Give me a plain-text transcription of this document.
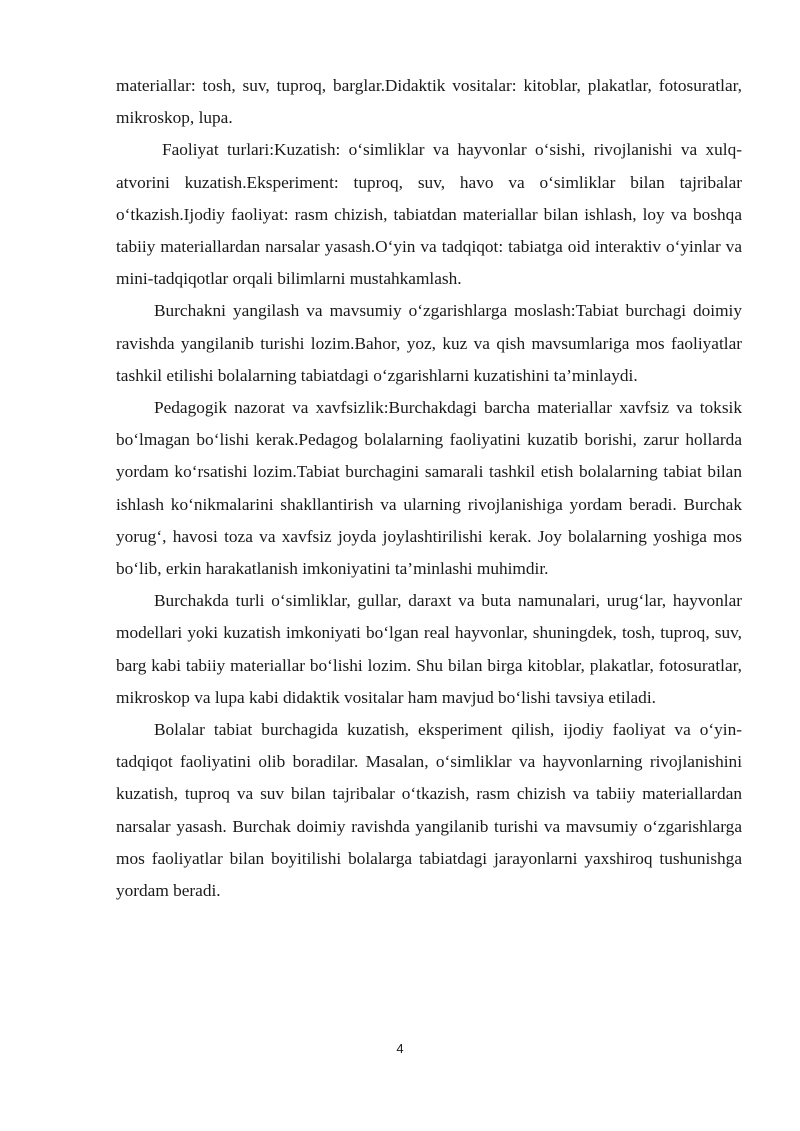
materiallar: tosh, suv, tuproq, barglar.Didaktik vositalar: kitoblar, plakatlar, fotosuratlar, mikroskop, lupa.

Faoliyat turlari:Kuzatish: o‘simliklar va hayvonlar o‘sishi, rivojlanishi va xulq-atvorini kuzatish.Eksperiment: tuproq, suv, havo va o‘simliklar bilan tajribalar o‘tkazish.Ijodiy faoliyat: rasm chizish, tabiatdan materiallar bilan ishlash, loy va boshqa tabiiy materiallardan narsalar yasash.O‘yin va tadqiqot: tabiatga oid interaktiv o‘yinlar va mini-tadqiqotlar orqali bilimlarni mustahkamlash.

Burchakni yangilash va mavsumiy o‘zgarishlarga moslash:Tabiat burchagi doimiy ravishda yangilanib turishi lozim.Bahor, yoz, kuz va qish mavsumlariga mos faoliyatlar tashkil etilishi bolalarning tabiatdagi o‘zgarishlarni kuzatishini ta’minlaydi.

Pedagogik nazorat va xavfsizlik:Burchakdagi barcha materiallar xavfsiz va toksik bo‘lmagan bo‘lishi kerak.Pedagog bolalarning faoliyatini kuzatib borishi, zarur hollarda yordam ko‘rsatishi lozim.Tabiat burchagini samarali tashkil etish bolalarning tabiat bilan ishlash ko‘nikmalarini shakllantirish va ularning rivojlanishiga yordam beradi. Burchak yorug‘, havosi toza va xavfsiz joyda joylashtirilishi kerak. Joy bolalarning yoshiga mos bo‘lib, erkin harakatlanish imkoniyatini ta’minlashi muhimdir.

Burchakda turli o‘simliklar, gullar, daraxt va buta namunalari, urug‘lar, hayvonlar modellari yoki kuzatish imkoniyati bo‘lgan real hayvonlar, shuningdek, tosh, tuproq, suv, barg kabi tabiiy materiallar bo‘lishi lozim. Shu bilan birga kitoblar, plakatlar, fotosuratlar, mikroskop va lupa kabi didaktik vositalar ham mavjud bo‘lishi tavsiya etiladi.

Bolalar tabiat burchagida kuzatish, eksperiment qilish, ijodiy faoliyat va o‘yin-tadqiqot faoliyatini olib boradilar. Masalan, o‘simliklar va hayvonlarning rivojlanishini kuzatish, tuproq va suv bilan tajribalar o‘tkazish, rasm chizish va tabiiy materiallardan narsalar yasash. Burchak doimiy ravishda yangilanib turishi va mavsumiy o‘zgarishlarga mos faoliyatlar bilan boyitilishi bolalarga tabiatdagi jarayonlarni yaxshiroq tushunishga yordam beradi.

4
